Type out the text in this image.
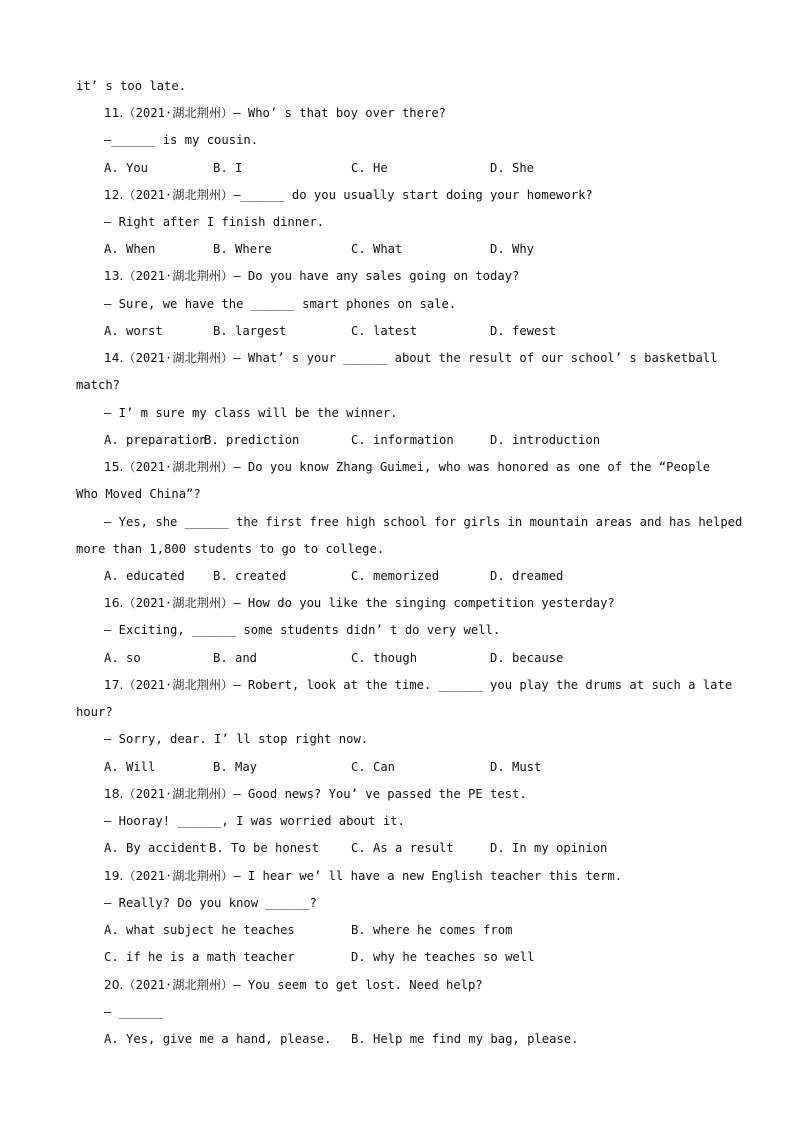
it’ s too late.
11.（2021·湖北荆州）— Who’ s that boy over there?
—______ is my cousin.
A. You	B. I	C. He	D. She
12.（2021·湖北荆州）—______ do you usually start doing your homework?
— Right after I finish dinner.
A. When	B. Where	C. What	D. Why
13.（2021·湖北荆州）— Do you have any sales going on today?
— Sure, we have the ______ smart phones on sale.
A. worst	B. largest	C. latest	D. fewest
14.（2021·湖北荆州）— What’ s your ______ about the result of our school’ s basketball
match?
— I’ m sure my class will be the winner.
A. preparation
B. prediction	C. information	D. introduction
15.（2021·湖北荆州）— Do you know Zhang Guimei, who was honored as one of the “People
Who Moved China”?
— Yes, she ______ the first free high school for girls in mountain areas and has helped
more than 1,800 students to go to college.
A. educated B. created	C. memorized	D. dreamed
16.（2021·湖北荆州）— How do you like the singing competition yesterday?
— Exciting, ______ some students didn’ t do very well.
A. so	B. and	C. though	D. because
17.（2021·湖北荆州）— Robert, look at the time. ______ you play the drums at such a late
hour?
— Sorry, dear. I’ ll stop right now.
A. Will	B. May	C. Can	D. Must
18.（2021·湖北荆州）— Good news? You’ ve passed the PE test.
— Hooray! ______, I was worried about it.
A. By accident B. To be honest	C. As a result	D. In my opinion
19.（2021·湖北荆州）— I hear we’ ll have a new English teacher this term.
— Really? Do you know ______?
A. what subject he teaches	B. where he comes from
C. if he is a math teacher	D. why he teaches so well
20.（2021·湖北荆州）— You seem to get lost. Need help?
— ______
A. Yes, give me a hand, please. B. Help me find my bag, please.
